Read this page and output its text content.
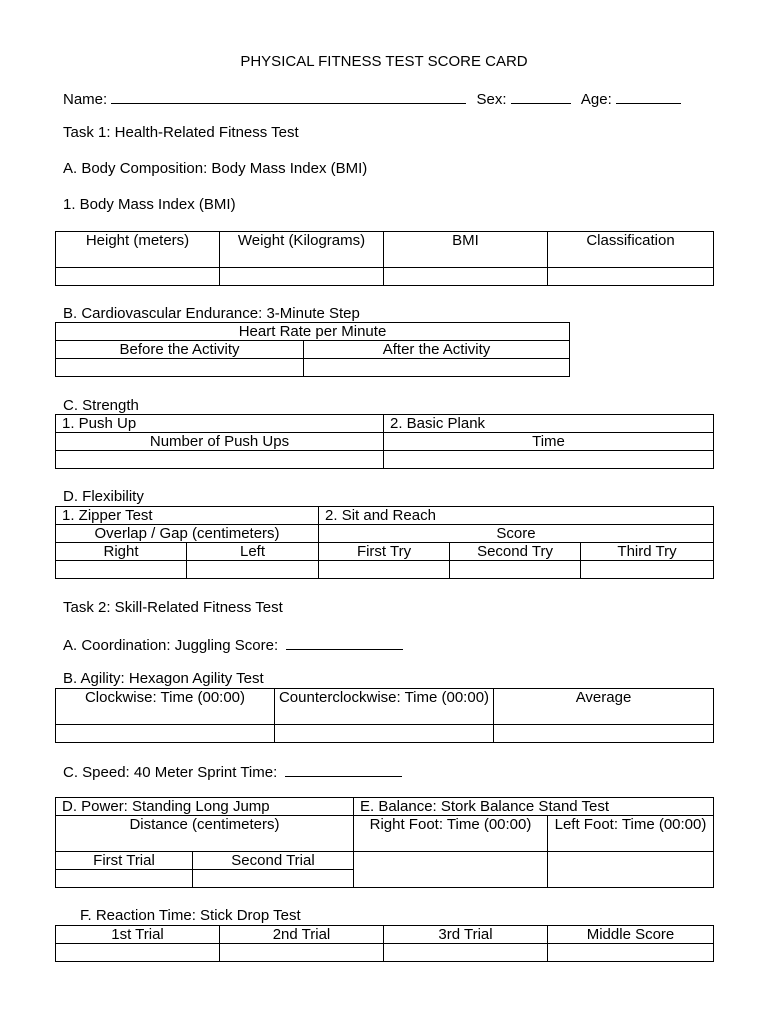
PHYSICAL FITNESS TEST SCORE CARD
Name:	Sex:	Age:
Task 1: Health-Related Fitness Test
A. Body Composition: Body Mass Index (BMI)
1. Body Mass Index (BMI)
Height (meters)	Weight (Kilograms)	BMI	Classification

B. Cardiovascular Endurance: 3-Minute Step
Heart Rate per Minute	
Before the Activity	After the Activity

C. Strength
1. Push Up	2. Basic Plank
Number of Push Ups	Time

D. Flexibility
1. Zipper Test		2. Sit and Reach		
Overlap / Gap (centimeters)		Score		
Right	Left	First Try	Second Try	Third Try

Task 2: Skill-Related Fitness Test
A. Coordination: Juggling Score:
B. Agility: Hexagon Agility Test
Clockwise: Time (00:00)	Counterclockwise: Time (00:00)	Average

C. Speed: 40 Meter Sprint Time:
D. Power: Standing Long Jump		E. Balance: Stork Balance Stand Test	
Distance (centimeters)		Right Foot: Time (00:00)	Left Foot: Time (00:00)
First Trial	Second Trial		

F. Reaction Time: Stick Drop Test
1st Trial	2nd Trial	3rd Trial	Middle Score
